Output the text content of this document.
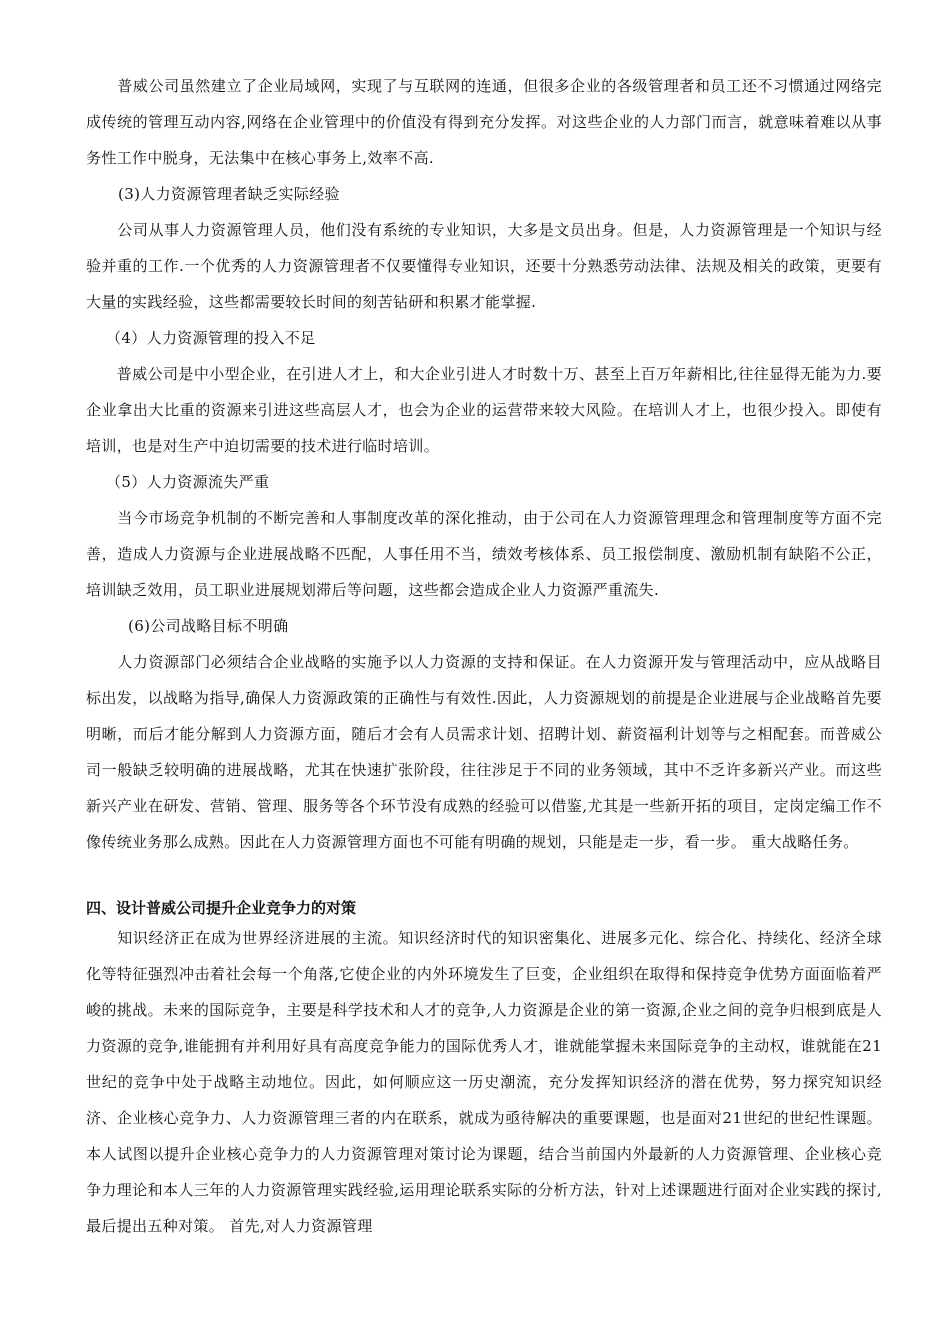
　　普威公司虽然建立了企业局域网，实现了与互联网的连通，但很多企业的各级管理者和员工还不习惯通过网络完成传统的管理互动内容,网络在企业管理中的价值没有得到充分发挥。对这些企业的人力部门而言，就意味着难以从事务性工作中脱身，无法集中在核心事务上,效率不高.

(3)人力资源管理者缺乏实际经验

　　公司从事人力资源管理人员，他们没有系统的专业知识，大多是文员出身。但是，人力资源管理是一个知识与经验并重的工作.一个优秀的人力资源管理者不仅要懂得专业知识，还要十分熟悉劳动法律、法规及相关的政策，更要有大量的实践经验，这些都需要较长时间的刻苦钻研和积累才能掌握.

（4）人力资源管理的投入不足

　　普威公司是中小型企业，在引进人才上，和大企业引进人才时数十万、甚至上百万年薪相比,往往显得无能为力.要企业拿出大比重的资源来引进这些高层人才，也会为企业的运营带来较大风险。在培训人才上，也很少投入。即使有培训，也是对生产中迫切需要的技术进行临时培训。

（5）人力资源流失严重

　　当今市场竞争机制的不断完善和人事制度改革的深化推动，由于公司在人力资源管理理念和管理制度等方面不完善，造成人力资源与企业进展战略不匹配，人事任用不当，绩效考核体系、员工报偿制度、激励机制有缺陷不公正，培训缺乏效用，员工职业进展规划滞后等问题，这些都会造成企业人力资源严重流失.

(6)公司战略目标不明确

　　人力资源部门必须结合企业战略的实施予以人力资源的支持和保证。在人力资源开发与管理活动中，应从战略目标出发，以战略为指导,确保人力资源政策的正确性与有效性.因此，人力资源规划的前提是企业进展与企业战略首先要明晰，而后才能分解到人力资源方面，随后才会有人员需求计划、招聘计划、薪资福利计划等与之相配套。而普威公司一般缺乏较明确的进展战略，尤其在快速扩张阶段，往往涉足于不同的业务领域，其中不乏许多新兴产业。而这些新兴产业在研发、营销、管理、服务等各个环节没有成熟的经验可以借鉴,尤其是一些新开拓的项目，定岗定编工作不像传统业务那么成熟。因此在人力资源管理方面也不可能有明确的规划，只能是走一步，看一步。 重大战略任务。

四、设计普威公司提升企业竞争力的对策

　　知识经济正在成为世界经济进展的主流。知识经济时代的知识密集化、进展多元化、综合化、持续化、经济全球化等特征强烈冲击着社会每一个角落,它使企业的内外环境发生了巨变，企业组织在取得和保持竞争优势方面面临着严峻的挑战。未来的国际竞争，主要是科学技术和人才的竞争,人力资源是企业的第一资源,企业之间的竞争归根到底是人力资源的竞争,谁能拥有并利用好具有高度竞争能力的国际优秀人才，谁就能掌握未来国际竞争的主动权，谁就能在21世纪的竞争中处于战略主动地位。因此，如何顺应这一历史潮流，充分发挥知识经济的潜在优势，努力探究知识经济、企业核心竞争力、人力资源管理三者的内在联系，就成为亟待解决的重要课题，也是面对21世纪的世纪性课题。本人试图以提升企业核心竞争力的人力资源管理对策讨论为课题，结合当前国内外最新的人力资源管理、企业核心竞争力理论和本人三年的人力资源管理实践经验,运用理论联系实际的分析方法，针对上述课题进行面对企业实践的探讨,最后提出五种对策。 首先,对人力资源管理
